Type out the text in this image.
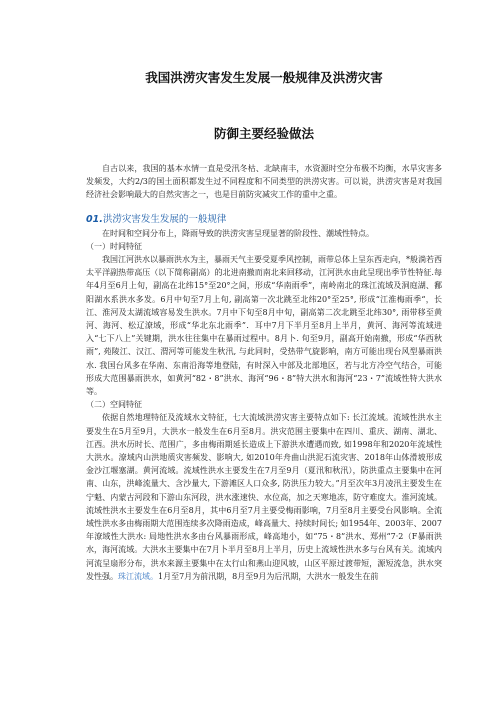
我国洪涝灾害发生发展一般规律及洪涝灾害
防御主要经验做法

自古以来，我国的基本水情一直是受汛冬枯、北缺南丰，水资源时空分布极不均衡，水旱灾害多发频发，大约2/3的国土面积都发生过不同程度和不同类型的洪涝灾害。可以说，洪涝灾害是对我国经济社会影响最大的自然灾害之一，也是目前防灾减灾工作的重中之重。

01.洪涝灾害发生发展的一般规律

在时间和空间分布上，降雨导致的洪涝灾害呈现显著的阶段性、潮域性特点。

（一）时间特征

我国江河洪水以暴雨洪水为主，暴雨天气主要受夏季风控制，雨带总体上呈东西走向，*般淌若西太平洋副热带高压（以下简称副高）的北进南撤而南北来回移动，江河洪水由此呈现出季节性特征.每年4月至6月上旬，副高在北纬15°至20°之间，形成“华南雨季”，南岭南北的珠江流域及洞庭湖、鄱阳湖水系洪水多发。6月中旬至7月上旬, 副高第一次北跳至北纬20°至25°, 形成“江淮梅雨季“，长江、淮河及太湖流域容易发生洪水。7月中下旬至8月中旬，副高第二次北跳至北纬30°, 雨带移至黄河、海河、松辽潦域，形成“华北东北雨季”．耳中7月下半月至8月上半月，黄河、海河等流域进入“七下八上”关键期，洪水往往集中在暴雨过程中。8月卜. 旬至9月，副高开始南撤，形成“华西秋雨”, 苑陵江、汉江、渭河等可能发生秋汛, 与此同时，受热带气旋影响，南方可能出现台风型暴雨洪水. 我国台风多在华南、东南沿海等地登陆，有时深入中部及北部地区，若与北方冷空气结合，可能形成大范围暴雨洪水，如黄河“82・8”洪水、海河“96・8”特大洪水和海河“23・7”流域性特大洪水等。

（二）空间特征

依据自然地理特征及流域水文特征，七大流域洪涝灾害主要特点如下: 长江流域。流域性洪水主要发生在5月至9月，大洪水一般发生在6月至8月。洪灾范围主要集中在四川、重庆、湖南、湖北、江西。洪水历时长、范围广，多由梅雨期延长造成上下游洪水遭遇而致, 如1998年和2020年流域性大洪水。潦域内山洪地质灾害频发、影响大, 如2010年舟曲山洪泥石流灾害、2018年山体滑坡形成金沙江堰塞湖。黄河流域。流域性洪水主要发生在7月至9月（夏汛和秋汛），防洪重点主要集中在河南、山东，洪峰流量大、含沙量大, 下游滩区人口众多, 防洪压力较大。”月至次年3月凌汛主要发生在宁魁、内蒙古河段和下游山东河段，洪水涨速快、水位高，加之天寒地冻，防守难度大。淮河流域。流域性洪水主要发生在6月至8月，其中6月至7月主要受梅雨影响，7月至8月主要受台风影响。全流域性洪水多由梅雨期大范围连续多次降雨造成，峰高量大、持续时间长; 如1954年、2003年、2007年潦域性大洪水: 局地性洪水多由台风暴雨形成，峰高地小，如“75・8”洪水、郑州“7·2（F暴雨洪水，海河流域。大洪水主要集中在7月卜半月至8月上半月，历史上流域性洪水多与台风有关。流域内河流呈扇形分布，洪水来源主要集中在太行山和燕山迎风坡，山区平原过渡带短，源短流急，洪水突发性强。珠江流域。1月至7月为前汛期，8月至9月为后汛期，大洪水一般发生在前
